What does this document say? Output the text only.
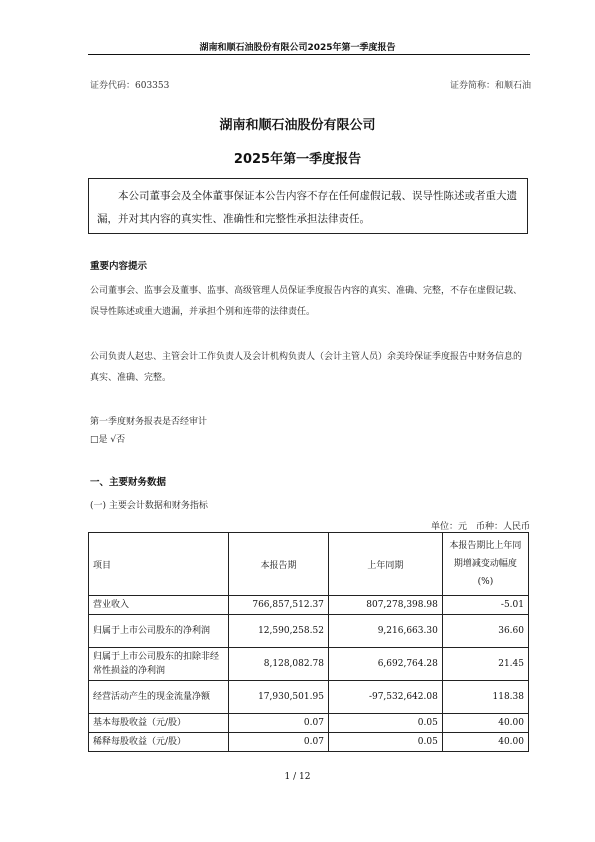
湖南和顺石油股份有限公司2025年第一季度报告
证券代码：603353	证券简称：和顺石油
湖南和顺石油股份有限公司
2025年第一季度报告
本公司董事会及全体董事保证本公告内容不存在任何虚假记载、误导性陈述或者重大遗漏，并对其内容的真实性、准确性和完整性承担法律责任。
重要内容提示
公司董事会、监事会及董事、监事、高级管理人员保证季度报告内容的真实、准确、完整，不存在虚假记载、误导性陈述或重大遗漏，并承担个别和连带的法律责任。
公司负责人赵忠、主管会计工作负责人及会计机构负责人（会计主管人员）余美玲保证季度报告中财务信息的真实、准确、完整。
第一季度财务报表是否经审计
□是 √否
一、主要财务数据
(一) 主要会计数据和财务指标
单位：元　币种：人民币
项目	本报告期	上年同期	本报告期比上年同期增减变动幅度(%)
营业收入	766,857,512.37	807,278,398.98	-5.01
归属于上市公司股东的净利润	12,590,258.52	9,216,663.30	36.60
归属于上市公司股东的扣除非经常性损益的净利润	8,128,082.78	6,692,764.28	21.45
经营活动产生的现金流量净额	17,930,501.95	-97,532,642.08	118.38
基本每股收益（元/股）	0.07	0.05	40.00
稀释每股收益（元/股）	0.07	0.05	40.00
1 / 12
